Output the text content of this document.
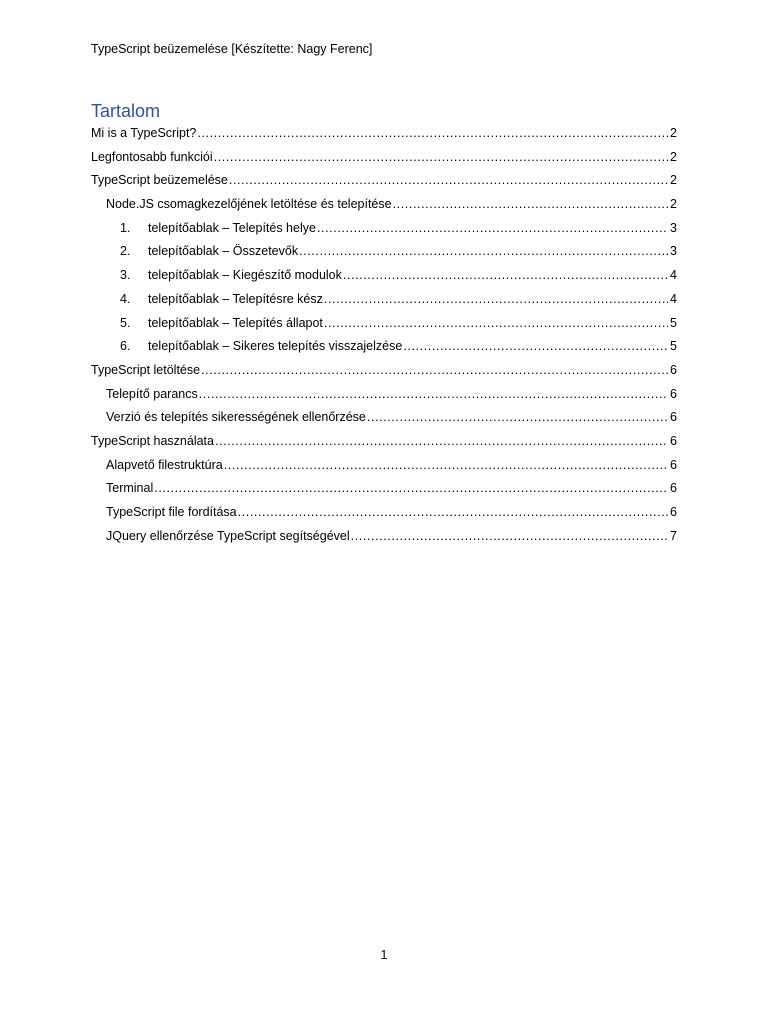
TypeScript beüzemelése [Készítette: Nagy Ferenc]
Tartalom
Mi is a TypeScript? .....	2
Legfontosabb funkciói .....	2
TypeScript beüzemelése .....	2
Node.JS csomagkezelőjének letöltése és telepítése .....	2
1.	telepítőablak – Telepítés helye .....	3
2.	telepítőablak – Összetevők .....	3
3.	telepítőablak – Kiegészítő modulok .....	4
4.	telepítőablak – Telepítésre kész .....	4
5.	telepítőablak – Telepítés állapot .....	5
6.	telepítőablak – Sikeres telepítés visszajelzése .....	5
TypeScript letöltése .....	6
Telepítő parancs .....	6
Verzió és telepítés sikerességének ellenőrzése .....	6
TypeScript használata .....	6
Alapvető filestruktúra .....	6
Terminal .....	6
TypeScript file fordítása .....	6
JQuery ellenőrzése TypeScript segítségével .....	7
1
